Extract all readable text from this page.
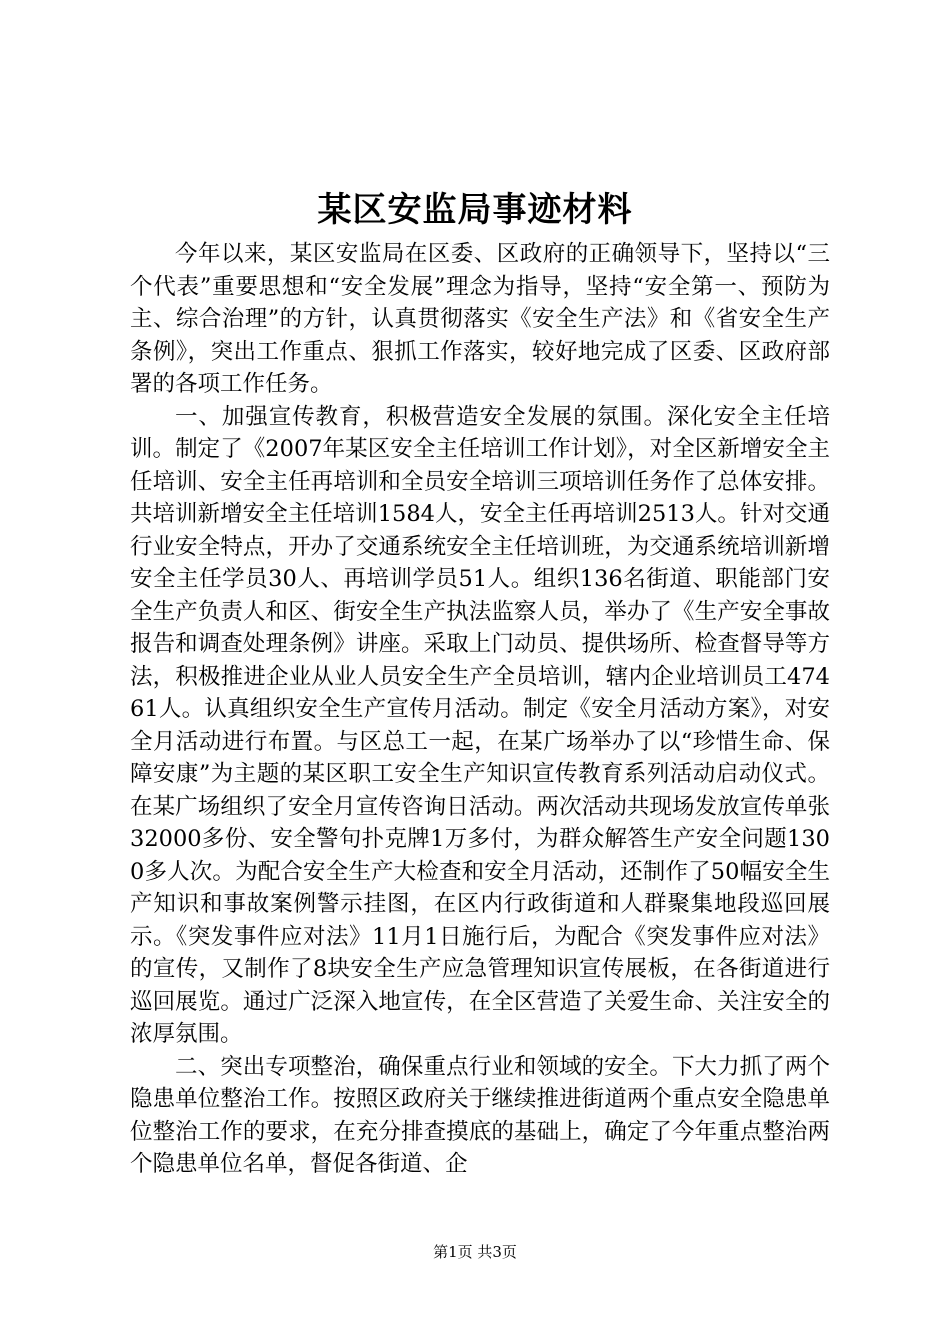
某区安监局事迹材料

今年以来，某区安监局在区委、区政府的正确领导下，坚持以“三个代表”重要思想和“安全发展”理念为指导，坚持“安全第一、预防为主、综合治理”的方针，认真贯彻落实《安全生产法》和《省安全生产条例》，突出工作重点、狠抓工作落实，较好地完成了区委、区政府部署的各项工作任务。

一、加强宣传教育，积极营造安全发展的氛围。深化安全主任培训。制定了《2007年某区安全主任培训工作计划》，对全区新增安全主任培训、安全主任再培训和全员安全培训三项培训任务作了总体安排。共培训新增安全主任培训1584人，安全主任再培训2513人。针对交通行业安全特点，开办了交通系统安全主任培训班，为交通系统培训新增安全主任学员30人、再培训学员51人。组织136名街道、职能部门安全生产负责人和区、街安全生产执法监察人员，举办了《生产安全事故报告和调查处理条例》讲座。采取上门动员、提供场所、检查督导等方法，积极推进企业从业人员安全生产全员培训，辖内企业培训员工47461人。认真组织安全生产宣传月活动。制定《安全月活动方案》，对安全月活动进行布置。与区总工一起，在某广场举办了以“珍惜生命、保障安康”为主题的某区职工安全生产知识宣传教育系列活动启动仪式。在某广场组织了安全月宣传咨询日活动。两次活动共现场发放宣传单张32000多份、安全警句扑克牌1万多付，为群众解答生产安全问题1300多人次。为配合安全生产大检查和安全月活动，还制作了50幅安全生产知识和事故案例警示挂图，在区内行政街道和人群聚集地段巡回展示。《突发事件应对法》11月1日施行后，为配合《突发事件应对法》的宣传，又制作了8块安全生产应急管理知识宣传展板，在各街道进行巡回展览。通过广泛深入地宣传，在全区营造了关爱生命、关注安全的浓厚氛围。

二、突出专项整治，确保重点行业和领域的安全。下大力抓了两个隐患单位整治工作。按照区政府关于继续推进街道两个重点安全隐患单位整治工作的要求，在充分排查摸底的基础上，确定了今年重点整治两个隐患单位名单，督促各街道、企

第1页 共3页
